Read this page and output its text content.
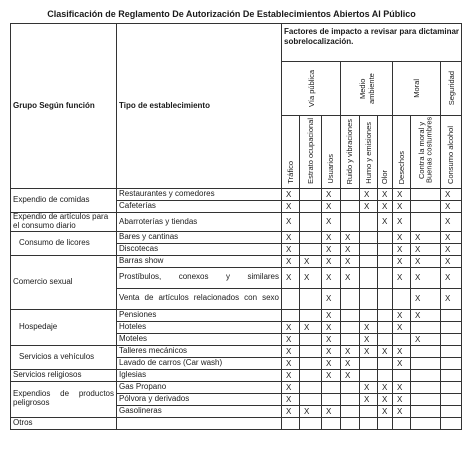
Clasificación de Reglamento De Autorización De Establecimientos Abiertos Al Público
Grupo Según función	Tipo de establecimiento	Factores de impacto a revisar para dictaminar sobrelocalización.								

		Vía pública			Medio ambiente			Moral		Seguridad

		Tráfico	Estrato ocupacional	Usuarios	Ruido y vibraciones	Humo y emisiones	Olor	Desechos	Contra la moral y Buenas costumbres	Consumo alcohol

Expendio de comidas	Restaurantes y comedores	X		X		X	X	X		X
	Cafeterías	X		X		X	X	X		X
Expendio de artículos para el consumo diario	Abarroterías y tiendas	X		X			X	X		X
Consumo de licores	Bares y cantinas	X		X	X			X	X	X
	Discotecas	X		X	X			X	X	X
Comercio sexual	Barras show	X	X	X	X			X	X	X
	Prostíbulos, conexos y similares	X	X	X	X			X	X	X
	Venta de artículos relacionados con sexo			X					X	X
Hospedaje	Pensiones			X				X	X	
	Hoteles	X	X	X		X		X		
	Moteles	X		X		X			X	
Servicios a vehículos	Talleres mecánicos	X		X	X	X	X	X		
	Lavado de carros (Car wash)	X		X	X			X		
Servicios religiosos	Iglesias	X		X	X					
Expendios de productos peligrosos	Gas Propano	X				X	X	X		
	Pólvora y derivados	X				X	X	X		
	Gasolineras	X	X	X			X	X		
Otros										
